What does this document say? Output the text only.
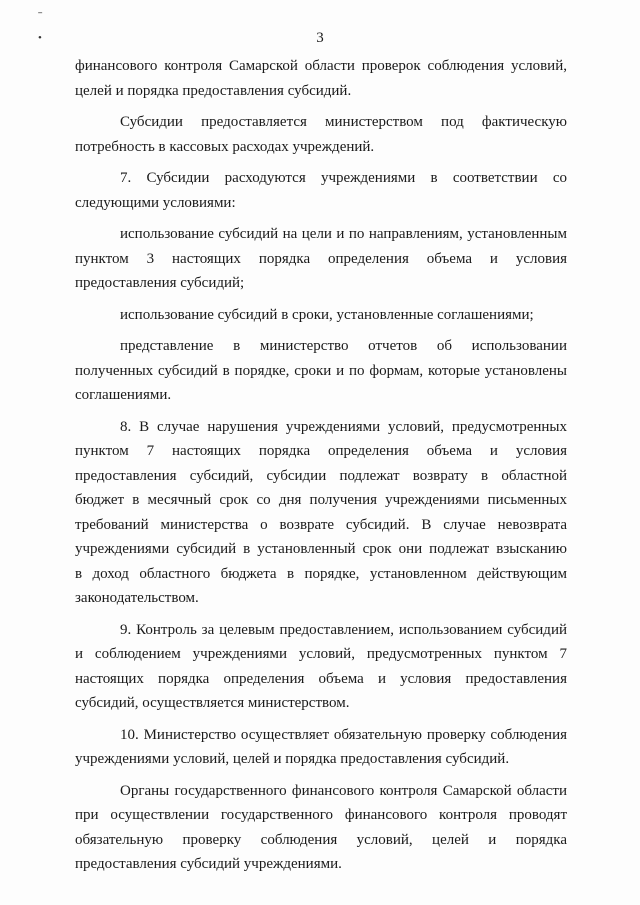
ˉ
•	3

финансового контроля Самарской области проверок соблюдения условий,

целей и порядка предоставления субсидий.

Субсидии предоставляется министерством под фактическую

потребность в кассовых расходах учреждений.

7. Субсидии расходуются учреждениями в соответствии со

следующими условиями:

использование субсидий на цели и по направлениям, установленным

пунктом 3 настоящих порядка определения объема и условия

предоставления субсидий;

использование субсидий в сроки, установленные соглашениями;

представление в министерство отчетов об использовании

полученных субсидий в порядке, сроки и по формам, которые установлены

соглашениями.

8. В случае нарушения учреждениями условий, предусмотренных

пунктом 7 настоящих порядка определения объема и условия

предоставления субсидий, субсидии подлежат возврату в областной

бюджет в месячный срок со дня получения учреждениями письменных

требований министерства о возврате субсидий. В случае невозврата

учреждениями субсидий в установленный срок они подлежат взысканию

в доход областного бюджета в порядке, установленном действующим

законодательством.

9. Контроль за целевым предоставлением, использованием субсидий

и соблюдением учреждениями условий, предусмотренных пунктом 7

настоящих порядка определения объема и условия предоставления

субсидий, осуществляется министерством.

10. Министерство осуществляет обязательную проверку соблюдения

учреждениями условий, целей и порядка предоставления субсидий.

Органы государственного финансового контроля Самарской области

при осуществлении государственного финансового контроля проводят

обязательную проверку соблюдения условий, целей и порядка

предоставления субсидий учреждениями.
